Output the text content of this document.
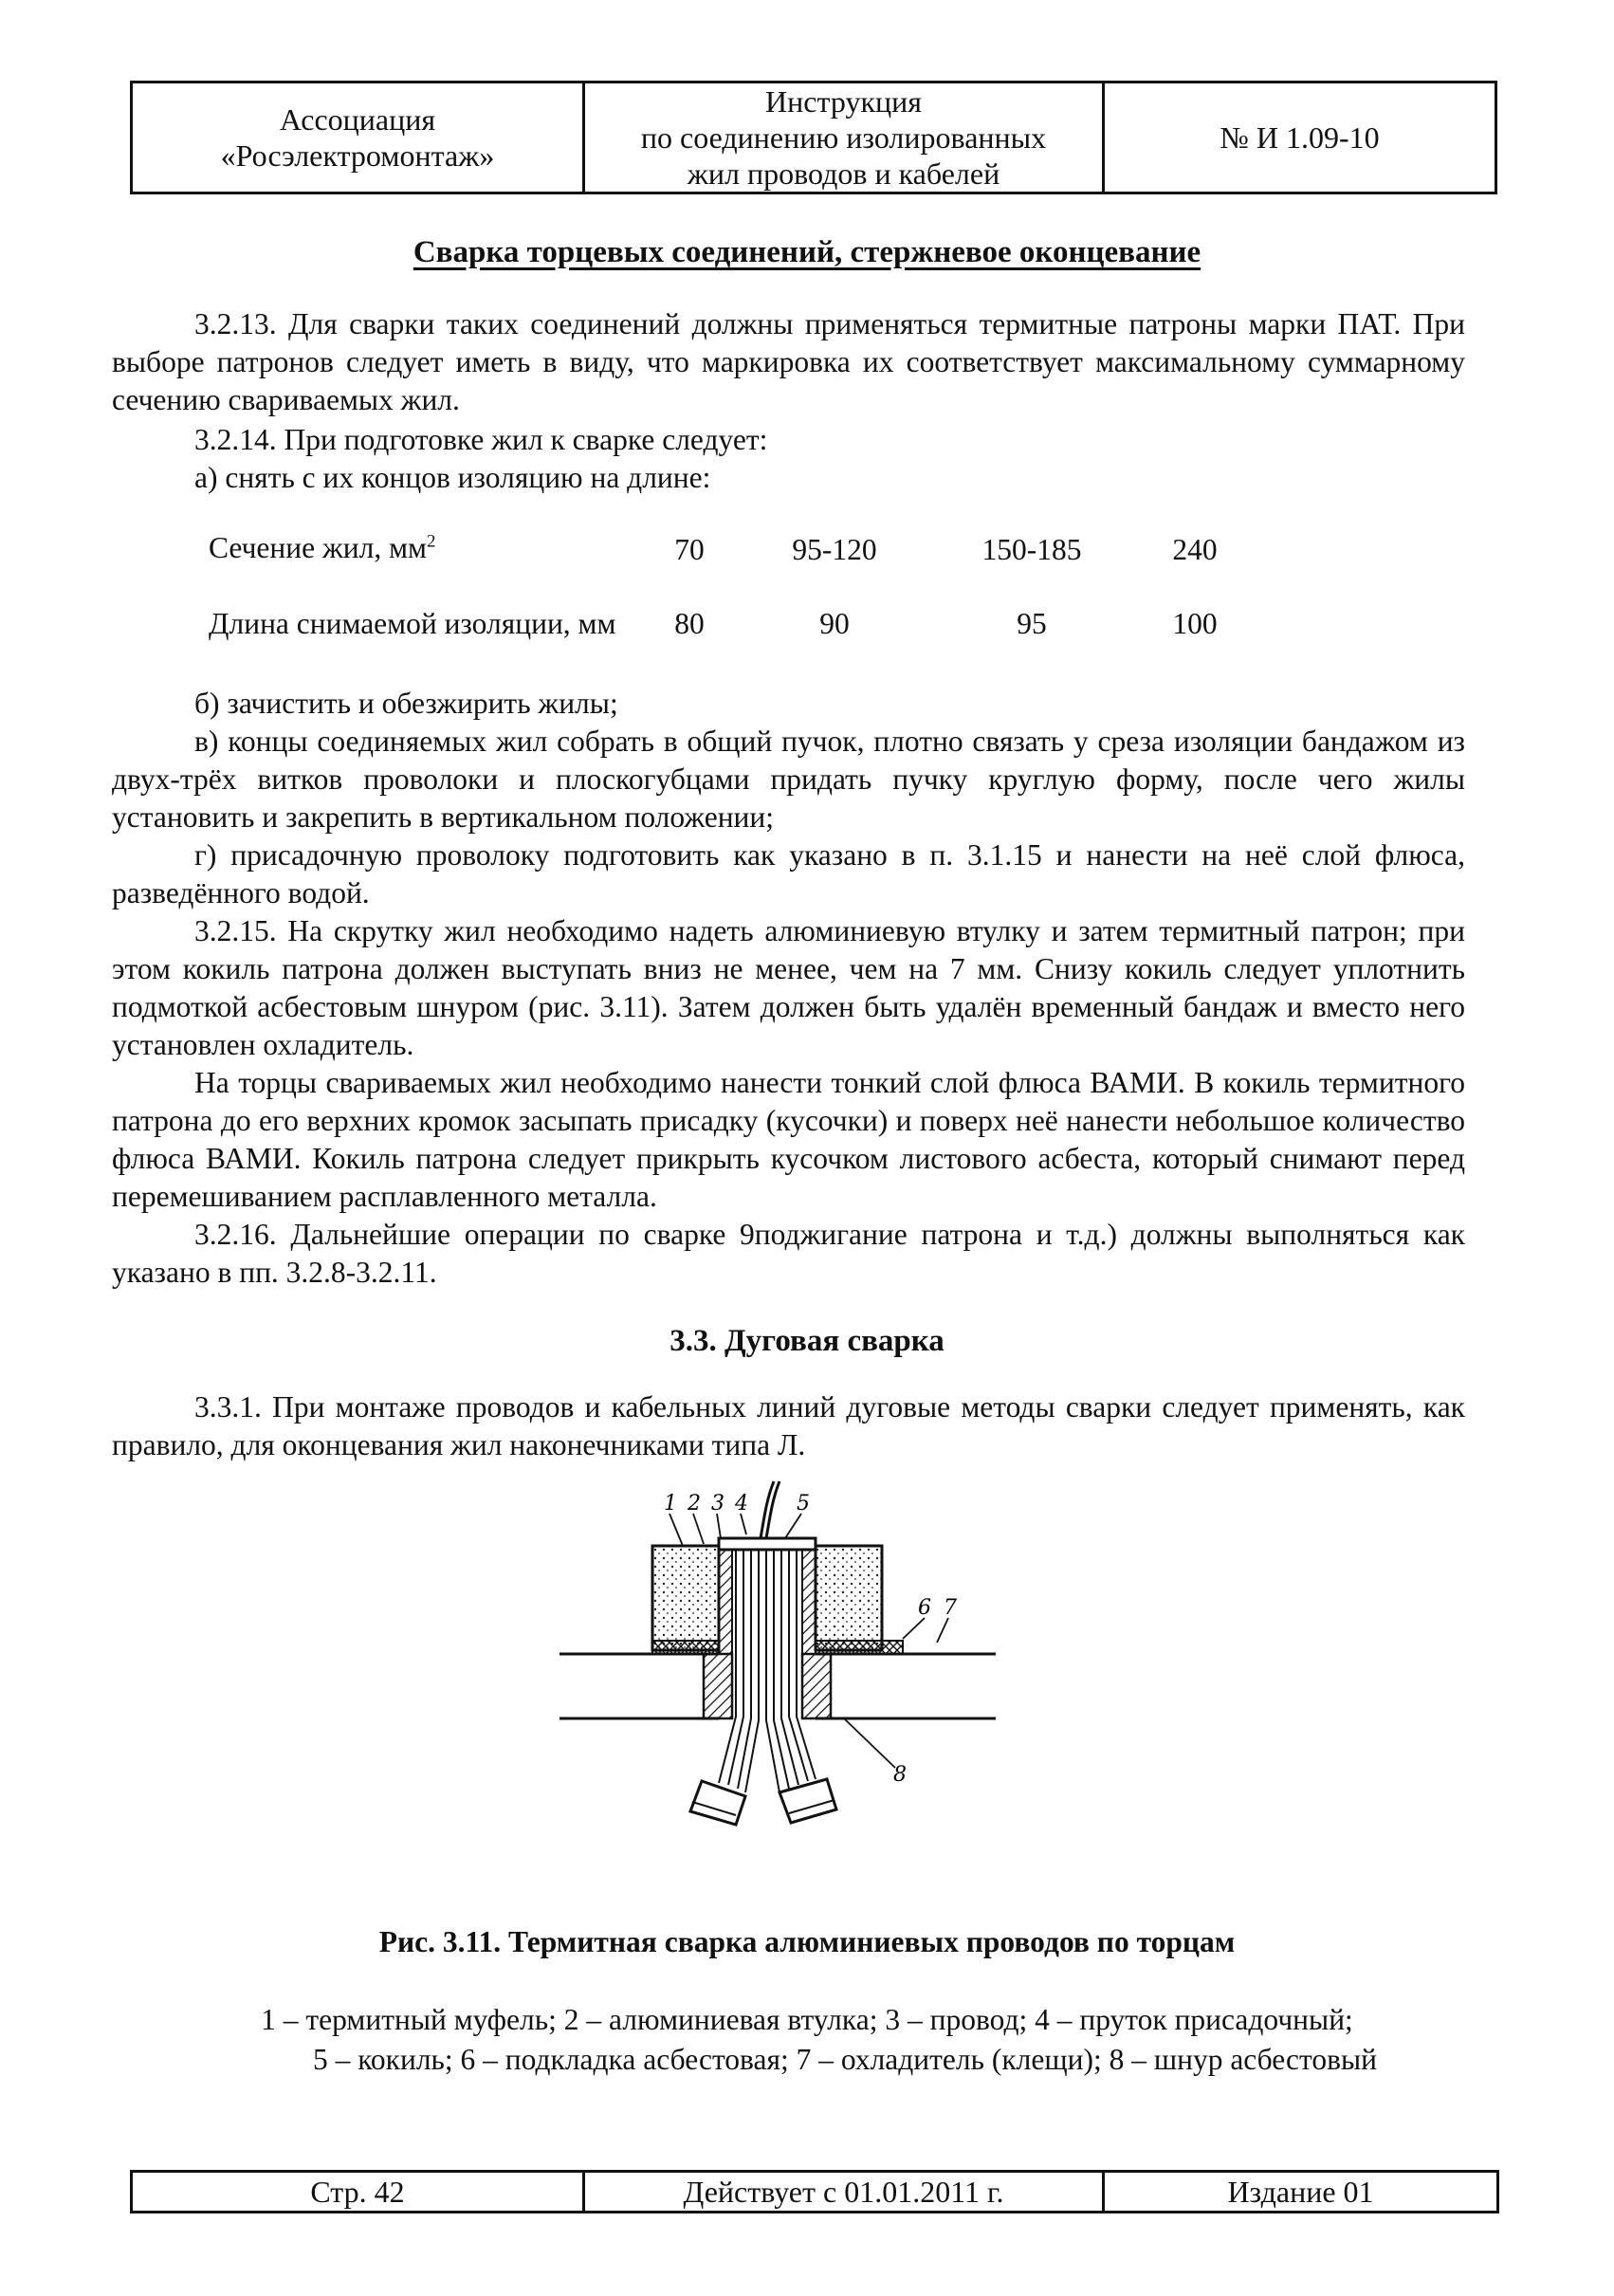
Ассоциация
«Росэлектромонтаж»
Инструкция
по соединению изолированных
жил проводов и кабелей
№ И 1.09-10
Сварка торцевых соединений, стержневое оконцевание
3.2.13. Для сварки таких соединений должны применяться термитные патроны марки ПАТ. При выборе патронов следует иметь в виду, что маркировка их соответствует максимальному суммарному сечению свариваемых жил.
3.2.14. При подготовке жил к сварке следует:
а) снять с их концов изоляцию на длине:
Сечение жил, $мм^2$	70	95-120	150-185	240
Длина снимаемой изоляции, мм	80	90	95	100
б) зачистить и обезжирить жилы;
в) концы соединяемых жил собрать в общий пучок, плотно связать у среза изоляции бандажом из двух-трёх витков проволоки и плоскогубцами придать пучку круглую форму, после чего жилы установить и закрепить в вертикальном положении;
г) присадочную проволоку подготовить как указано в п. 3.1.15 и нанести на неё слой флюса, разведённого водой.
3.2.15. На скрутку жил необходимо надеть алюминиевую втулку и затем термитный патрон; при этом кокиль патрона должен выступать вниз не менее, чем на 7 мм. Снизу кокиль следует уплотнить подмоткой асбестовым шнуром (рис. 3.11). Затем должен быть удалён временный бандаж и вместо него установлен охладитель.
На торцы свариваемых жил необходимо нанести тонкий слой флюса ВАМИ. В кокиль термитного патрона до его верхних кромок засыпать присадку (кусочки) и поверх неё нанести небольшое количество флюса ВАМИ. Кокиль патрона следует прикрыть кусочком листового асбеста, который снимают перед перемешиванием расплавленного металла.
3.2.16. Дальнейшие операции по сварке 9поджигание патрона и т.д.) должны выполняться как указано в пп. 3.2.8-3.2.11.
3.3. Дуговая сварка
3.3.1. При монтаже проводов и кабельных линий дуговые методы сварки следует применять, как правило, для оконцевания жил наконечниками типа Л.
1 2 3 4 5
6 7
8
Рис. 3.11. Термитная сварка алюминиевых проводов по торцам
1 – термитный муфель; 2 – алюминиевая втулка; 3 – провод; 4 – пруток присадочный;
5 – кокиль; 6 – подкладка асбестовая; 7 – охладитель (клещи); 8 – шнур асбестовый
Стр. 42	Действует с 01.01.2011 г.	Издание 01
